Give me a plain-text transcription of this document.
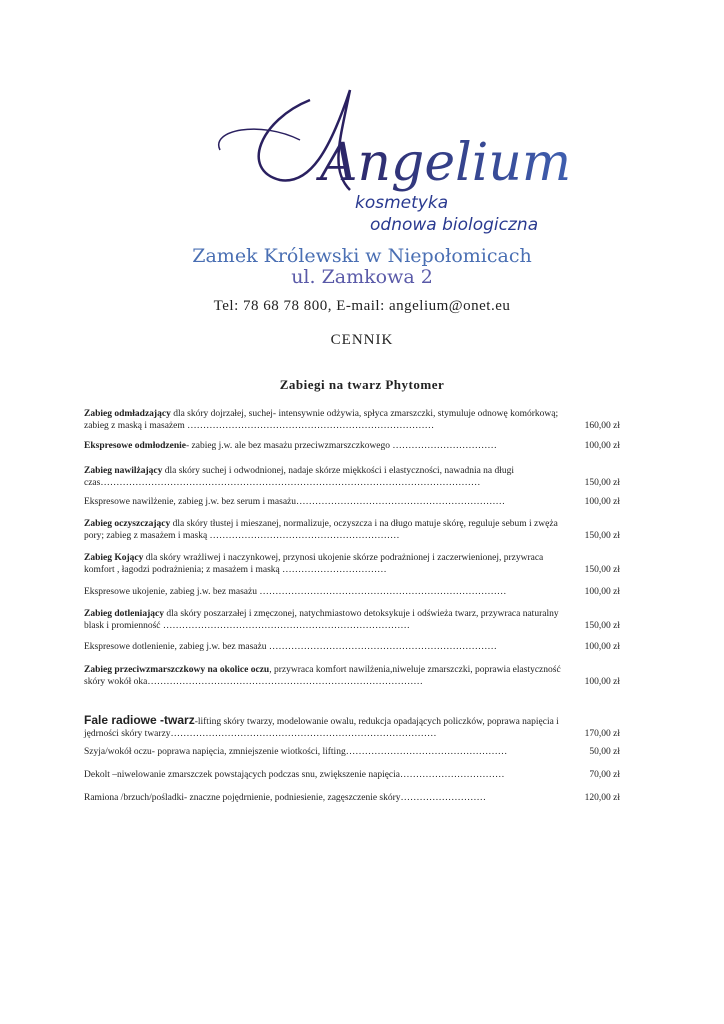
Angelium
kosmetyka
odnowa biologiczna
Zamek Królewski w Niepołomicach
ul. Zamkowa 2
Tel: 78 68 78 800, E-mail: angelium@onet.eu
CENNIK
Zabiegi na twarz Phytomer
Zabieg odmładzający dla skóry dojrzałej, suchej- intensywnie odżywia, spłyca zmarszczki, stymuluje odnowę komórkową; zabieg z maską i masażem ……………………………………………………………………	160,00 zł
Ekspresowe odmłodzenie- zabieg j.w. ale bez masażu przeciwzmarszczkowego ……………………………	100,00 zł
Zabieg nawilżający dla skóry suchej i odwodnionej, nadaje skórze miękkości i elastyczności, nawadnia na długi czas…………………………………………………………………………………………………………	150,00 zł
Ekspresowe nawilżenie, zabieg j.w. bez serum i masażu…………………………………………………………	100,00 zł
Zabieg oczyszczający dla skóry tłustej i mieszanej, normalizuje, oczyszcza i na długo matuje skórę, reguluje sebum i zwęża pory; zabieg z masażem i maską ……………………………………………………	150,00 zł
Zabieg Kojący dla skóry wrażliwej i naczynkowej, przynosi ukojenie skórze podrażnionej i zaczerwienionej, przywraca komfort , łagodzi podrażnienia; z masażem i maską ……………………………	150,00 zł
Ekspresowe ukojenie, zabieg j.w. bez masażu ……………………………………………………………………	100,00 zł
Zabieg dotleniający dla skóry poszarzałej i zmęczonej, natychmiastowo detoksykuje i odświeża twarz, przywraca naturalny blask i promienność ……………………………………………………………………	150,00 zł
Ekspresowe dotlenienie, zabieg j.w. bez masażu ………………………………………………………………	100,00 zł
Zabieg przeciwzmarszczkowy na okolice oczu, przywraca komfort nawilżenia,niweluje zmarszczki, poprawia elastyczność skóry wokół oka……………………………………………………………………………	100,00 zł
Fale radiowe -twarz-lifting skóry twarzy, modelowanie owalu, redukcja opadających policzków, poprawa napięcia i jędrności skóry twarzy…………………………………………………………………………	170,00 zł
Szyja/wokół oczu- poprawa napięcia, zmniejszenie wiotkości, lifting……………………………………………	50,00 zł
Dekolt –niwelowanie zmarszczek powstających podczas snu, zwiększenie napięcia……………………………	70,00 zł
Ramiona /brzuch/pośladki- znaczne pojędrnienie, podniesienie, zagęszczenie skóry………………………	120,00 zł
